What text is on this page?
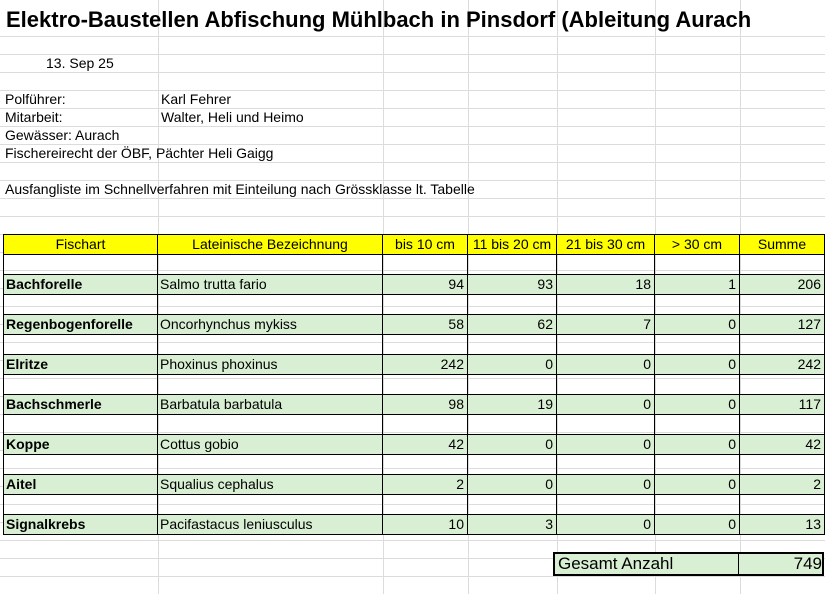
Elektro-Baustellen Abfischung Mühlbach in Pinsdorf (Ableitung Aurach
13. Sep 25
Polführer:	Karl Fehrer
Mitarbeit:	Walter, Heli und Heimo
Gewässer: Aurach
Fischereirecht der ÖBF, Pächter Heli Gaigg
Ausfangliste im Schnellverfahren mit Einteilung nach Grössklasse lt. Tabelle
Fischart	Lateinische Bezeichnung	bis 10 cm	11 bis 20 cm	21 bis 30 cm	> 30 cm	Summe
Bachforelle	Salmo trutta fario	94	93	18	1	206
Regenbogenforelle	Oncorhynchus mykiss	58	62	7	0	127
Elritze	Phoxinus phoxinus	242	0	0	0	242
Bachschmerle	Barbatula barbatula	98	19	0	0	117
Koppe	Cottus gobio	42	0	0	0	42
Aitel	Squalius cephalus	2	0	0	0	2
Signalkrebs	Pacifastacus leniusculus	10	3	0	0	13
Gesamt Anzahl	749
